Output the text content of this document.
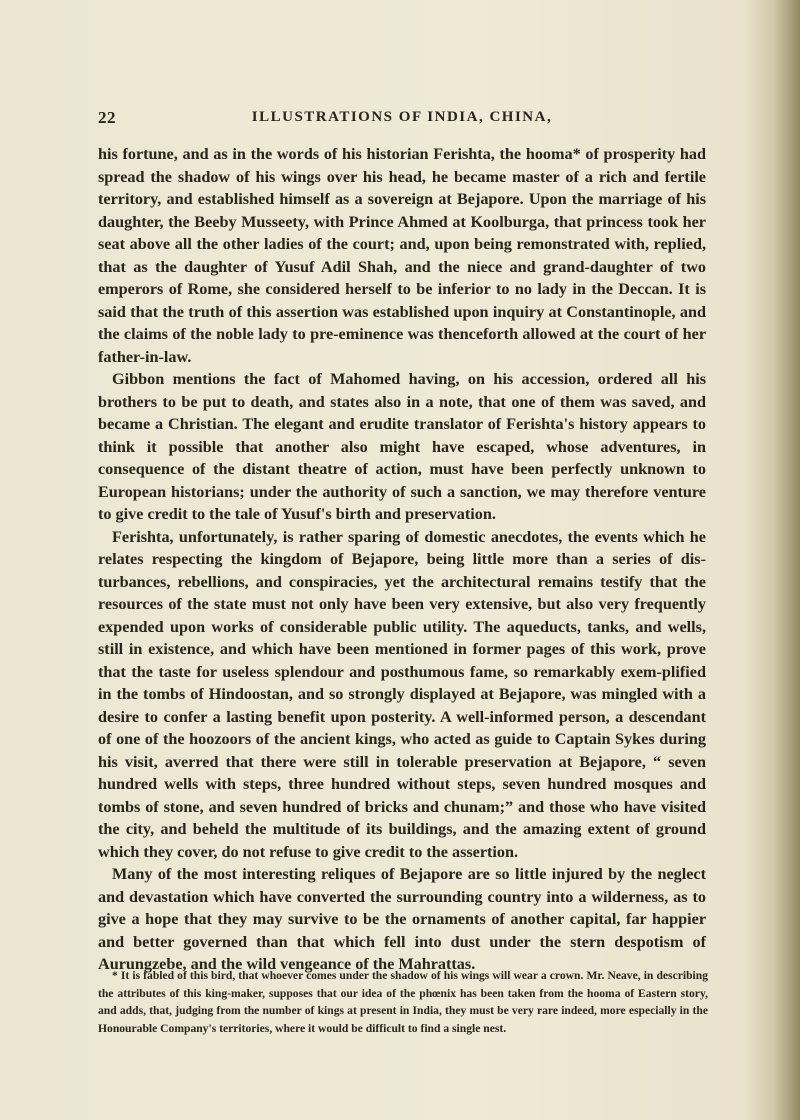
22	ILLUSTRATIONS OF INDIA, CHINA,

his fortune, and as in the words of his historian Ferishta, the hooma* of prosperity had spread the shadow of his wings over his head, he became master of a rich and fertile territory, and established himself as a sovereign at Bejapore. Upon the marriage of his daughter, the Beeby Musseety, with Prince Ahmed at Koolburga, that princess took her seat above all the other ladies of the court; and, upon being remonstrated with, replied, that as the daughter of Yusuf Adil Shah, and the niece and grand-daughter of two emperors of Rome, she considered herself to be inferior to no lady in the Deccan. It is said that the truth of this assertion was established upon inquiry at Constantinople, and the claims of the noble lady to pre-eminence was thenceforth allowed at the court of her father-in-law.

Gibbon mentions the fact of Mahomed having, on his accession, ordered all his brothers to be put to death, and states also in a note, that one of them was saved, and became a Christian. The elegant and erudite translator of Ferishta's history appears to think it possible that another also might have escaped, whose adventures, in consequence of the distant theatre of action, must have been perfectly unknown to European historians; under the authority of such a sanction, we may therefore venture to give credit to the tale of Yusuf's birth and preservation.

Ferishta, unfortunately, is rather sparing of domestic anecdotes, the events which he relates respecting the kingdom of Bejapore, being little more than a series of dis-turbances, rebellions, and conspiracies, yet the architectural remains testify that the resources of the state must not only have been very extensive, but also very frequently expended upon works of considerable public utility. The aqueducts, tanks, and wells, still in existence, and which have been mentioned in former pages of this work, prove that the taste for useless splendour and posthumous fame, so remarkably exem-plified in the tombs of Hindoostan, and so strongly displayed at Bejapore, was mingled with a desire to confer a lasting benefit upon posterity. A well-informed person, a descendant of one of the hoozoors of the ancient kings, who acted as guide to Captain Sykes during his visit, averred that there were still in tolerable preservation at Bejapore, “ seven hundred wells with steps, three hundred without steps, seven hundred mosques and tombs of stone, and seven hundred of bricks and chunam;” and those who have visited the city, and beheld the multitude of its buildings, and the amazing extent of ground which they cover, do not refuse to give credit to the assertion.

Many of the most interesting reliques of Bejapore are so little injured by the neglect and devastation which have converted the surrounding country into a wilderness, as to give a hope that they may survive to be the ornaments of another capital, far happier and better governed than that which fell into dust under the stern despotism of Aurungzebe, and the wild vengeance of the Mahrattas.

* It is fabled of this bird, that whoever comes under the shadow of his wings will wear a crown. Mr. Neave, in describing the attributes of this king-maker, supposes that our idea of the phœnix has been taken from the hooma of Eastern story, and adds, that, judging from the number of kings at present in India, they must be very rare indeed, more especially in the Honourable Company's territories, where it would be difficult to find a single nest.
